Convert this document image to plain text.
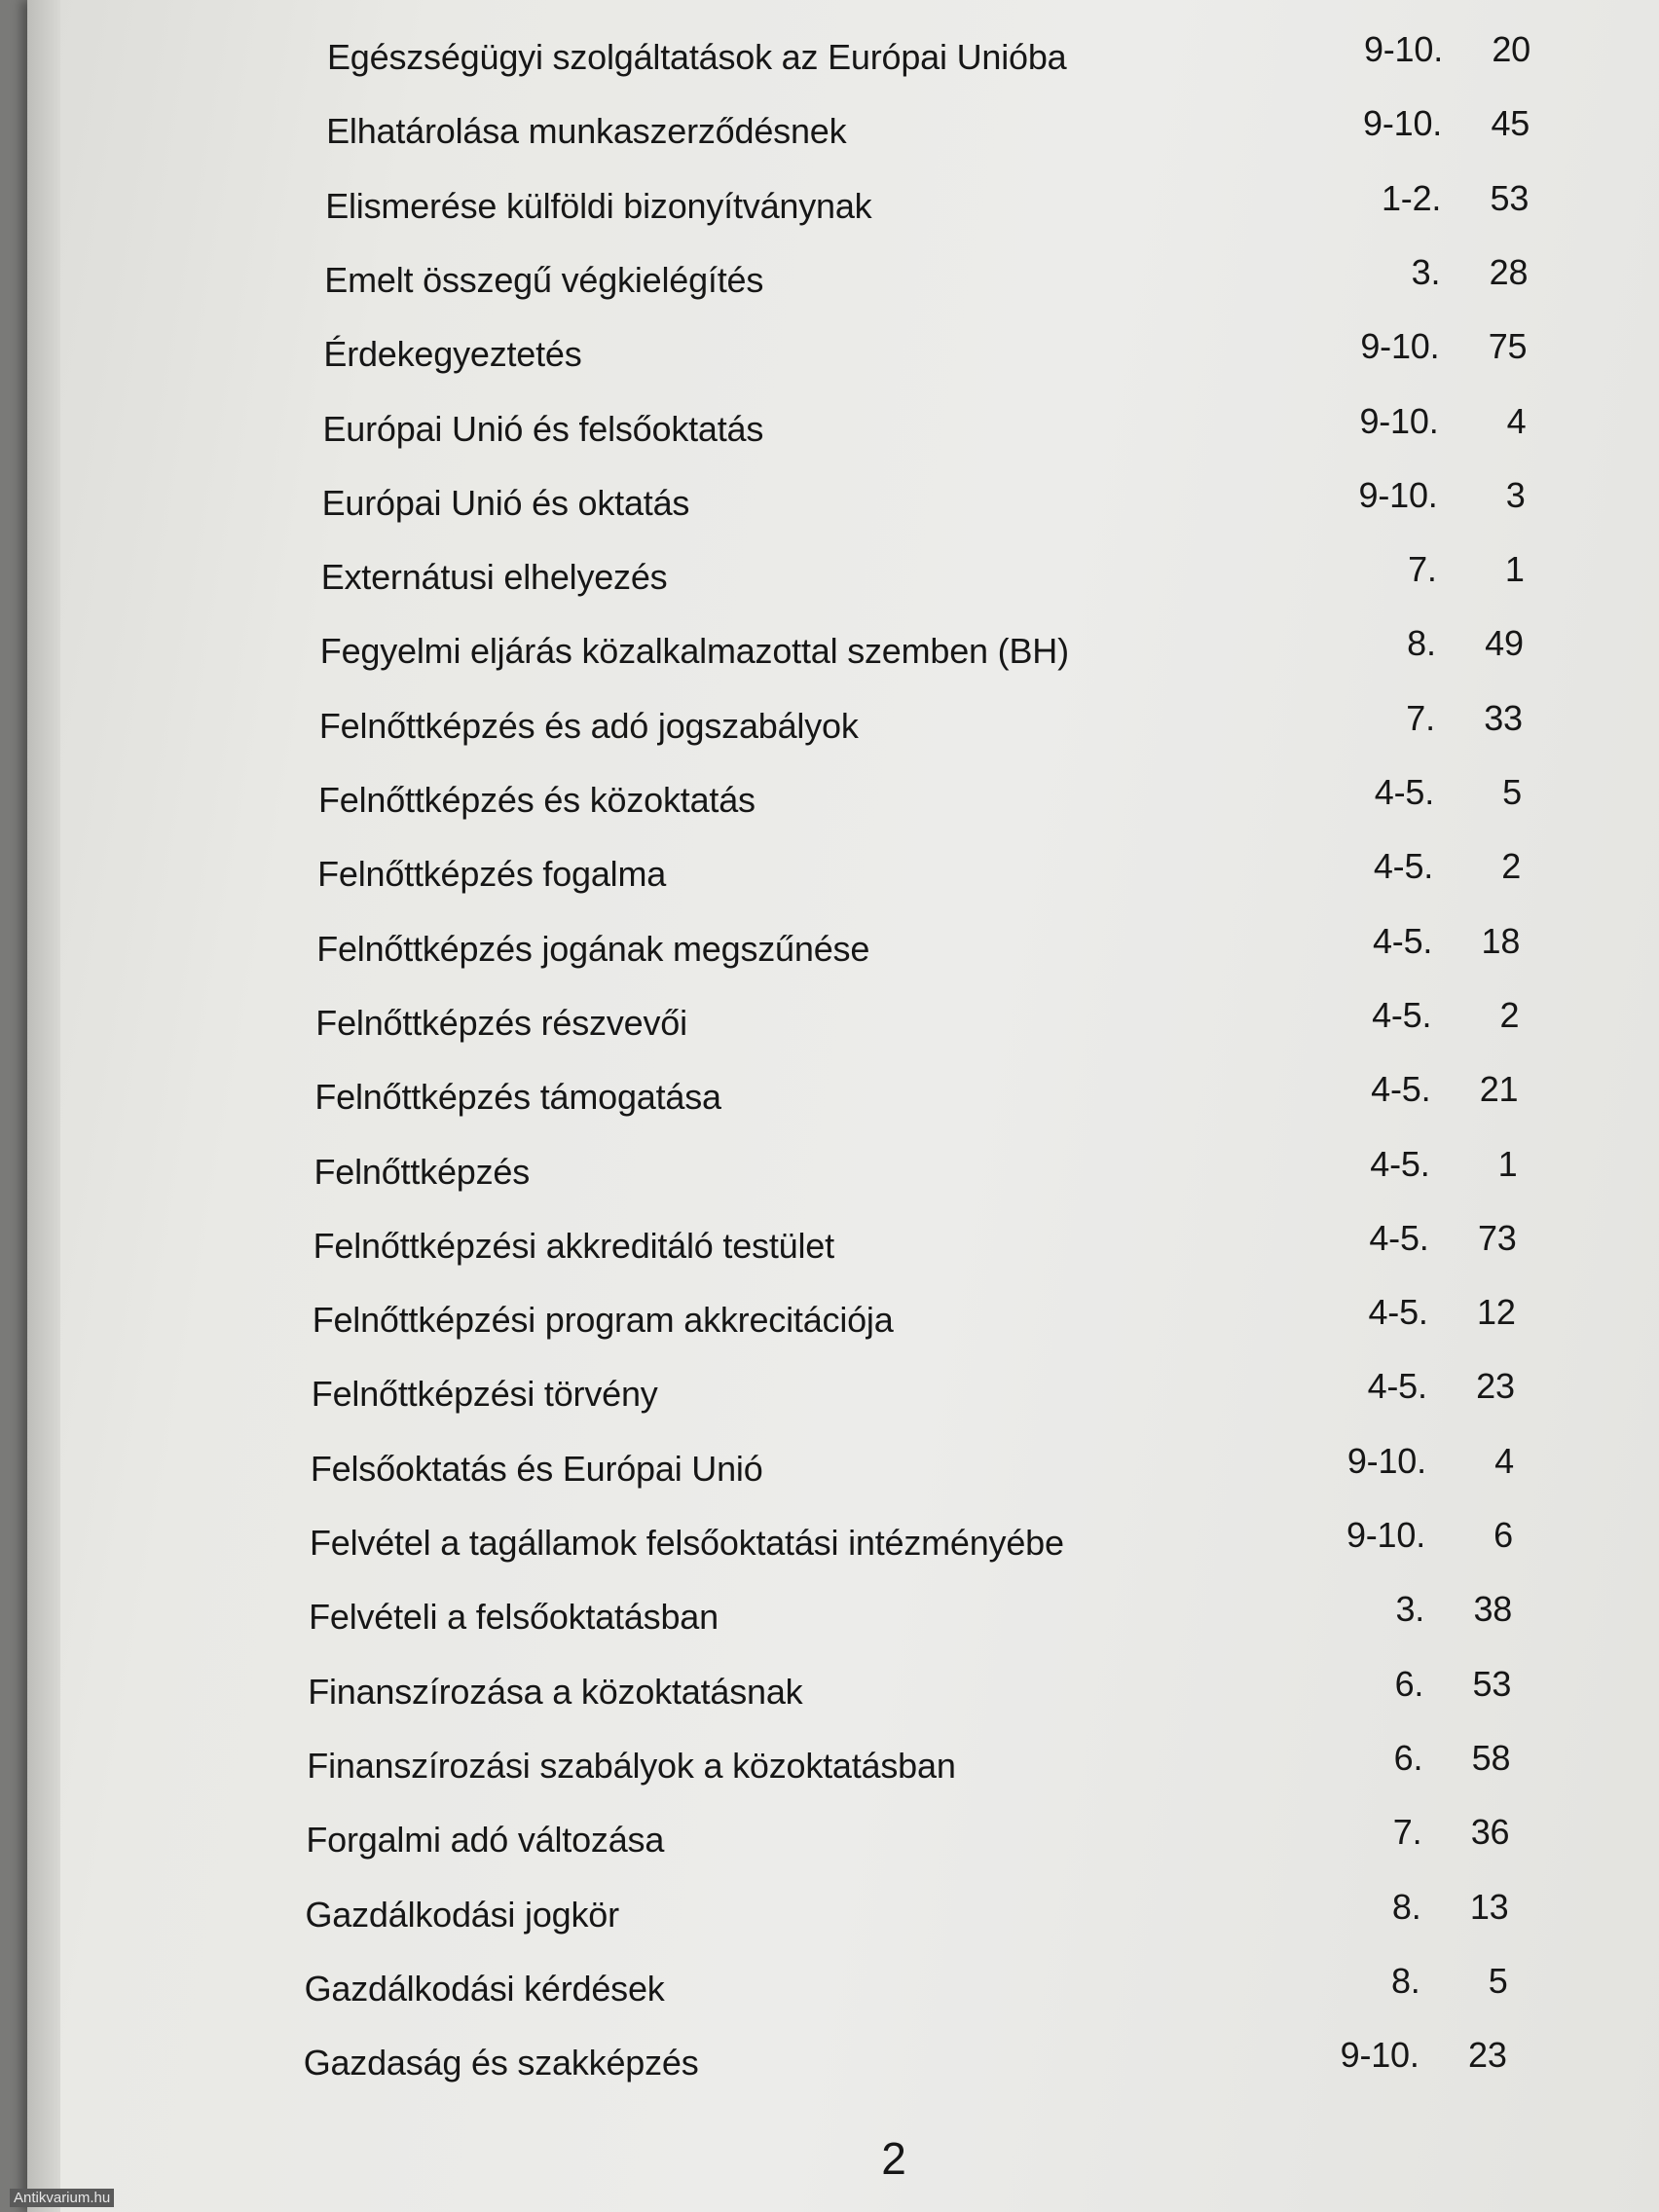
Egészségügyi szolgáltatások az Európai Unióba	9-10.	20
Elhatárolása munkaszerződésnek	9-10.	45
Elismerése külföldi bizonyítványnak	1-2.	53
Emelt összegű végkielégítés	3.	28
Érdekegyeztetés	9-10.	75
Európai Unió és felsőoktatás	9-10.	4
Európai Unió és oktatás	9-10.	3
Externátusi elhelyezés	7.	1
Fegyelmi eljárás közalkalmazottal szemben (BH)	8.	49
Felnőttképzés és adó jogszabályok	7.	33
Felnőttképzés és közoktatás	4-5.	5
Felnőttképzés fogalma	4-5.	2
Felnőttképzés jogának megszűnése	4-5.	18
Felnőttképzés részvevői	4-5.	2
Felnőttképzés támogatása	4-5.	21
Felnőttképzés	4-5.	1
Felnőttképzési akkreditáló testület	4-5.	73
Felnőttképzési program akkrecitációja	4-5.	12
Felnőttképzési törvény	4-5.	23
Felsőoktatás és Európai Unió	9-10.	4
Felvétel a tagállamok felsőoktatási intézményébe	9-10.	6
Felvételi a felsőoktatásban	3.	38
Finanszírozása a közoktatásnak	6.	53
Finanszírozási szabályok a közoktatásban	6.	58
Forgalmi adó változása	7.	36
Gazdálkodási jogkör	8.	13
Gazdálkodási kérdések	8.	5
Gazdaság és szakképzés	9-10.	23
2
Antikvarium.hu
